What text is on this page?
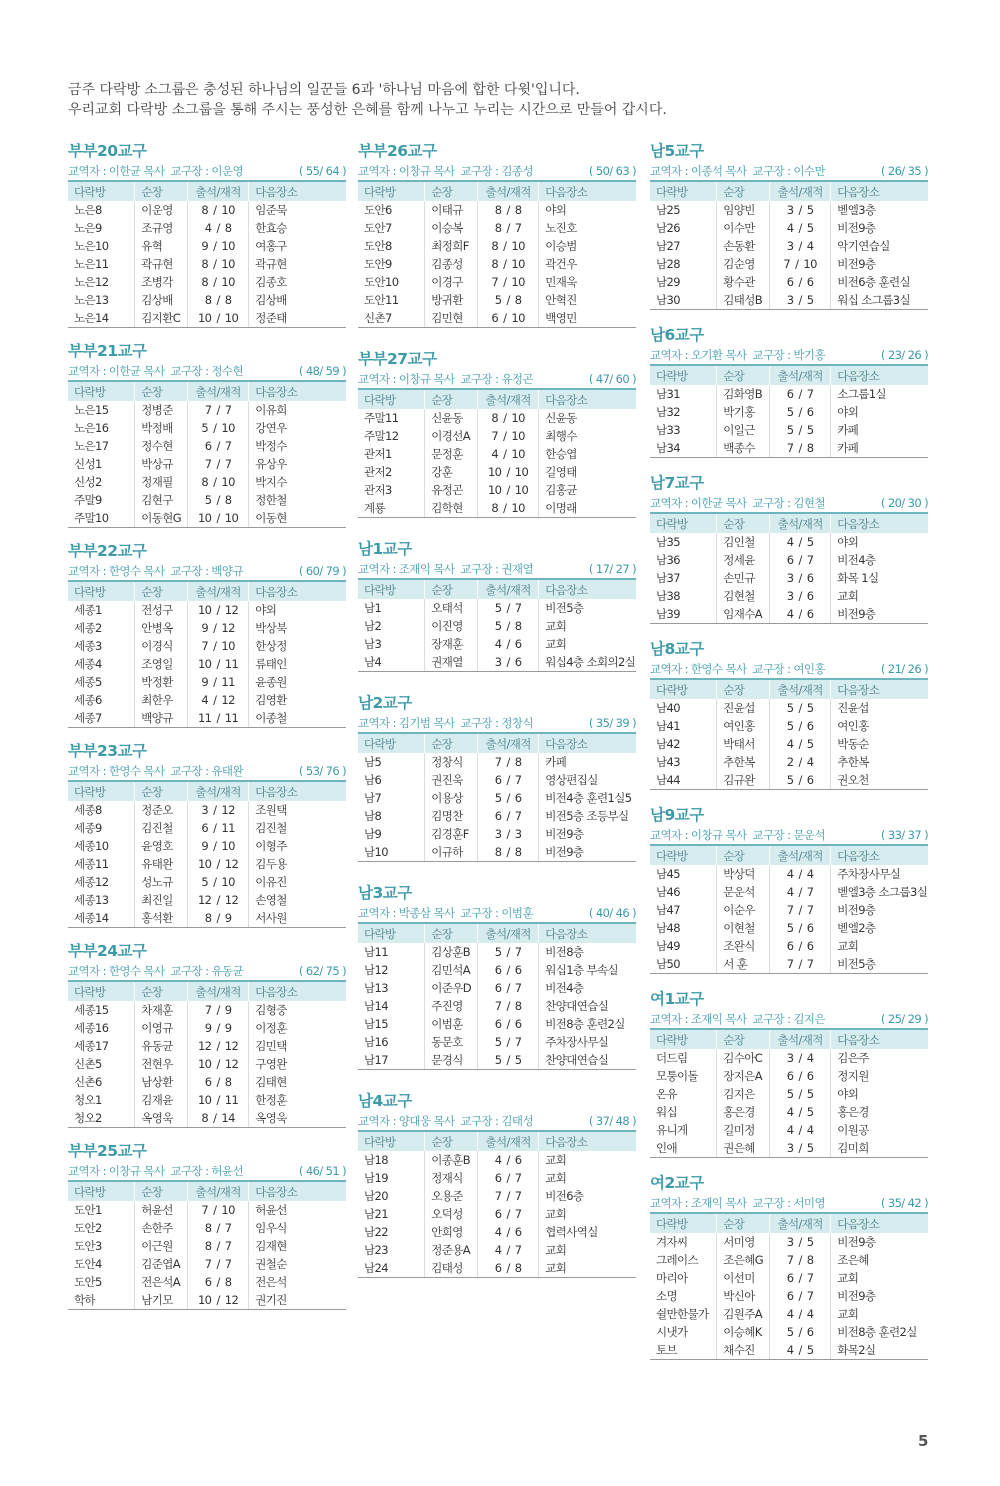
금주 다락방 소그룹은 충성된 하나님의 일꾼들 6과 '하나님 마음에 합한 다윗'입니다.

우리교회 다락방 소그룹을 통해 주시는 풍성한 은혜를 함께 나누고 누리는 시간으로 만들어 갑시다.

부부20교구
교역자 : 이한균 목사 교구장 : 이운영	( 55/ 64 )
다락방	순장	출석/재적	다음장소
노은8	이운영	8 / 10	임준묵
노은9	조규영	4 / 8	한효승
노은10	유혁	9 / 10	여홍구
노은11	곽규현	8 / 10	곽규현
노은12	조병각	8 / 10	김종호
노은13	김상배	8 / 8	김상배
노은14	김지환C	10 / 10	정준태
부부21교구
교역자 : 이한균 목사 교구장 : 정수현	( 48/ 59 )
다락방	순장	출석/재적	다음장소
노은15	정병준	7 / 7	이유희
노은16	박정배	5 / 10	강연우
노은17	정수현	6 / 7	박정수
신성1	박상규	7 / 7	유상우
신성2	정재필	8 / 10	박지수
주말9	김현구	5 / 8	정한철
주말10	이동현G	10 / 10	이동현
부부22교구
교역자 : 한영수 목사 교구장 : 백양규	( 60/ 79 )
다락방	순장	출석/재적	다음장소
세종1	전성구	10 / 12	야외
세종2	안병옥	9 / 12	박상북
세종3	이경식	7 / 10	한상정
세종4	조영일	10 / 11	류태인
세종5	박정환	9 / 11	윤종원
세종6	최한우	4 / 12	김영환
세종7	백양규	11 / 11	이종철
부부23교구
교역자 : 한영수 목사 교구장 : 유태완	( 53/ 76 )
다락방	순장	출석/재적	다음장소
세종8	정준오	3 / 12	조원택
세종9	김진철	6 / 11	김진철
세종10	윤영호	9 / 10	이형주
세종11	유태완	10 / 12	김두용
세종12	성노규	5 / 10	이유진
세종13	최진일	12 / 12	손영철
세종14	홍석환	8 / 9	서사원
부부24교구
교역자 : 한영수 목사 교구장 : 유동균	( 62/ 75 )
다락방	순장	출석/재적	다음장소
세종15	차재훈	7 / 9	김형중
세종16	이영규	9 / 9	이정훈
세종17	유동균	12 / 12	김민택
신촌5	전현우	10 / 12	구영완
신촌6	남상환	6 / 8	김태현
청오1	김재윤	10 / 11	한정훈
청오2	옥영욱	8 / 14	옥영욱
부부25교구
교역자 : 이창규 목사 교구장 : 허윤선	( 46/ 51 )
다락방	순장	출석/재적	다음장소
도안1	허윤선	7 / 10	허윤선
도안2	손한주	8 / 7	임우식
도안3	이근원	8 / 7	김재현
도안4	김준엽A	7 / 7	권철순
도안5	전은석A	6 / 8	전은석
학하	남기모	10 / 12	권기진
부부26교구
교역자 : 이창규 목사 교구장 : 김종성	( 50/ 63 )
다락방	순장	출석/재적	다음장소
도안6	이태규	8 / 8	야외
도안7	이승복	8 / 7	노진호
도안8	최정희F	8 / 10	이승범
도안9	김종성	8 / 10	곽건우
도안10	이경구	7 / 10	민재욱
도안11	방귀환	5 / 8	안혁진
신촌7	김민현	6 / 10	백영민
부부27교구
교역자 : 이창규 목사 교구장 : 유정곤	( 47/ 60 )
다락방	순장	출석/재적	다음장소
주말11	신윤동	8 / 10	신윤동
주말12	이경선A	7 / 10	최행수
관저1	문정훈	4 / 10	한승엽
관저2	강훈	10 / 10	길영태
관저3	유정곤	10 / 10	김홍균
계룡	김학현	8 / 10	이명래
남1교구
교역자 : 조재익 목사 교구장 : 권재열	( 17/ 27 )
다락방	순장	출석/재적	다음장소
남1	오태석	5 / 7	비전5층
남2	이진영	5 / 8	교회
남3	장재훈	4 / 6	교회
남4	권재열	3 / 6	워십4층 소회의2실
남2교구
교역자 : 김기범 목사 교구장 : 정창식	( 35/ 39 )
다락방	순장	출석/재적	다음장소
남5	정창식	7 / 8	카페
남6	권진욱	6 / 7	영상편집실
남7	이용상	5 / 6	비전4층 훈련1실5
남8	김명찬	6 / 7	비전5층 조등부실
남9	김경훈F	3 / 3	비전9층
남10	이규하	8 / 8	비전9층
남3교구
교역자 : 박종삼 목사 교구장 : 이범훈	( 40/ 46 )
다락방	순장	출석/재적	다음장소
남11	김상훈B	5 / 7	비전8층
남12	김민석A	6 / 6	워십1층 부속실
남13	이준우D	6 / 7	비전4층
남14	주진영	7 / 8	찬양대연습실
남15	이범훈	6 / 6	비전8층 훈련2실
남16	동문호	5 / 7	주차장사무실
남17	문경식	5 / 5	찬양대연습실
남4교구
교역자 : 양대웅 목사 교구장 : 김태성	( 37/ 48 )
다락방	순장	출석/재적	다음장소
남18	이종훈B	4 / 6	교회
남19	정재식	6 / 7	교회
남20	오용준	7 / 7	비전6층
남21	오덕성	6 / 7	교회
남22	안희영	4 / 6	협력사역실
남23	정준용A	4 / 7	교회
남24	김태성	6 / 8	교회
남5교구
교역자 : 이종석 목사 교구장 : 이수만	( 26/ 35 )
다락방	순장	출석/재적	다음장소
남25	임양빈	3 / 5	벧엘3층
남26	이수만	4 / 5	비전9층
남27	손동환	3 / 4	악기연습실
남28	김순영	7 / 10	비전9층
남29	황수관	6 / 6	비전6층 훈련실
남30	김태성B	3 / 5	워십 소그룹3실
남6교구
교역자 : 오기환 목사 교구장 : 박기홍	( 23/ 26 )
다락방	순장	출석/재적	다음장소
남31	김화영B	6 / 7	소그룹1실
남32	박기홍	5 / 6	야외
남33	이일근	5 / 5	카페
남34	백종수	7 / 8	카페
남7교구
교역자 : 이한균 목사 교구장 : 김현철	( 20/ 30 )
다락방	순장	출석/재적	다음장소
남35	김인철	4 / 5	야외
남36	정세윤	6 / 7	비전4층
남37	손민규	3 / 6	화목 1실
남38	김현철	3 / 6	교회
남39	임재수A	4 / 6	비전9층
남8교구
교역자 : 한영수 목사 교구장 : 여인홍	( 21/ 26 )
다락방	순장	출석/재적	다음장소
남40	진윤섭	5 / 5	진윤섭
남41	여인홍	5 / 6	여인홍
남42	박태서	4 / 5	박동순
남43	추한복	2 / 4	추한복
남44	김규완	5 / 6	권오천
남9교구
교역자 : 이창규 목사 교구장 : 문운석	( 33/ 37 )
다락방	순장	출석/재적	다음장소
남45	박상덕	4 / 4	주차장사무실
남46	문운석	4 / 7	벧엘3층 소그룹3실
남47	이순우	7 / 7	비전9층
남48	이현철	5 / 6	벧엘2층
남49	조완식	6 / 6	교회
남50	서 훈	7 / 7	비전5층
여1교구
교역자 : 조재익 목사 교구장 : 김지은	( 25/ 29 )
다락방	순장	출석/재적	다음장소
더드림	김수아C	3 / 4	김은주
모퉁이돌	장지은A	6 / 6	정지원
온유	김지은	5 / 5	야외
워십	홍은경	4 / 5	홍은경
유니게	길미정	4 / 4	이원공
인애	권은혜	3 / 5	김미희
여2교구
교역자 : 조재익 목사 교구장 : 서미영	( 35/ 42 )
다락방	순장	출석/재적	다음장소
겨자씨	서미영	3 / 5	비전9층
그레이스	조은혜G	7 / 8	조은혜
마리아	이선미	6 / 7	교회
소명	박신아	6 / 7	비전9층
쉴만한물가	김원주A	4 / 4	교회
시냇가	이승혜K	5 / 6	비전8층 훈련2실
토브	채수진	4 / 5	화목2실
5
